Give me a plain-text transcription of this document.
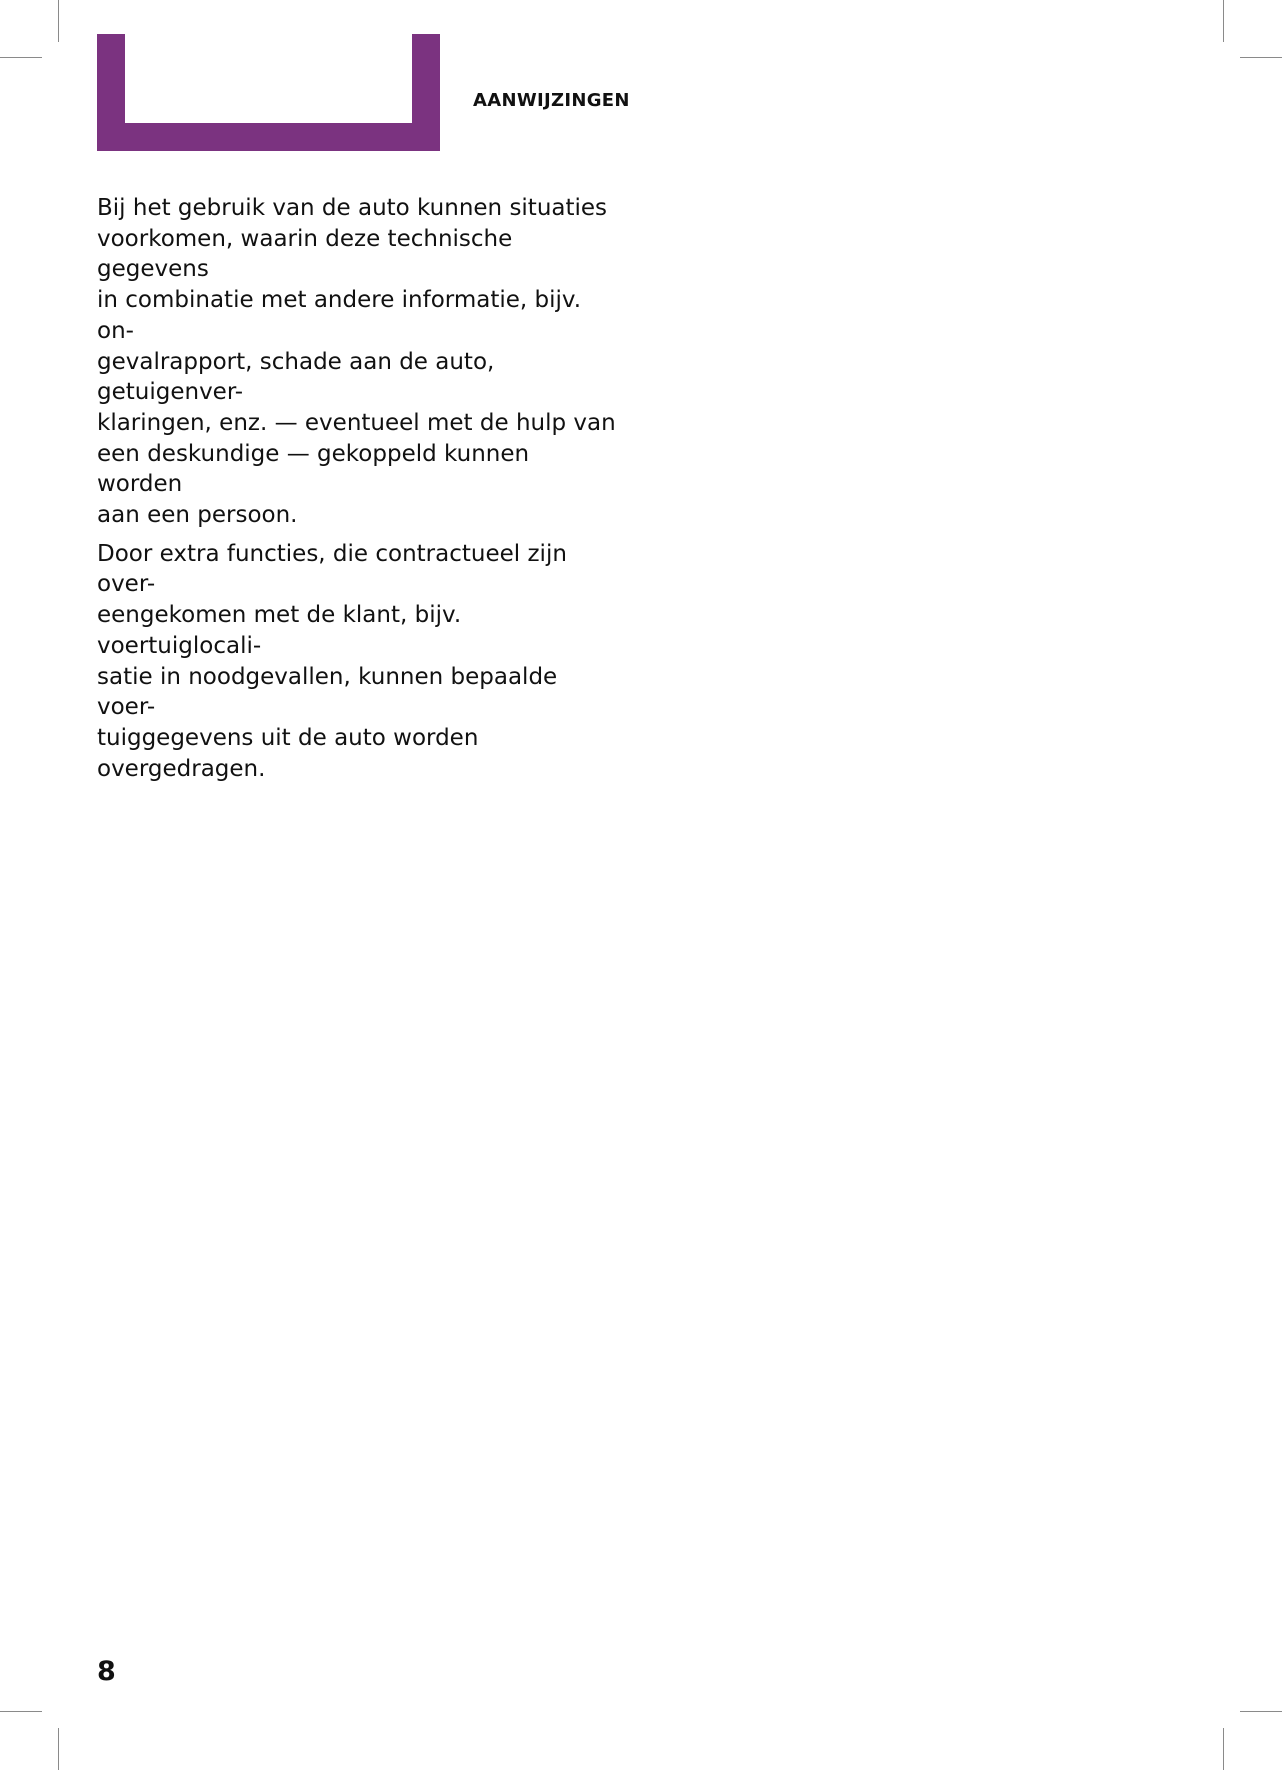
AANWIJZINGEN

Bij het gebruik van de auto kunnen situaties
voorkomen, waarin deze technische gegevens
in combinatie met andere informatie, bijv. on-
gevalrapport, schade aan de auto, getuigenver-
klaringen, enz. — eventueel met de hulp van
een deskundige — gekoppeld kunnen worden
aan een persoon.

Door extra functies, die contractueel zijn over-
eengekomen met de klant, bijv. voertuiglocali-
satie in noodgevallen, kunnen bepaalde voer-
tuiggegevens uit de auto worden
overgedragen.

8
